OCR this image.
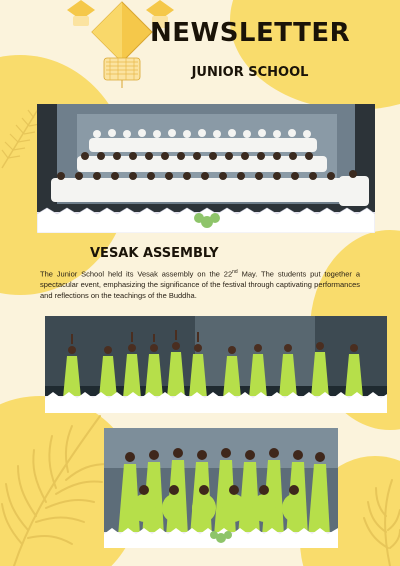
NEWSLETTER
JUNIOR SCHOOL
VESAK ASSEMBLY
The Junior School held its Vesak assembly on the 22nd May. The students put together a spectacular event, emphasizing the significance of the festival through captivating performances and reflections on the teachings of the Buddha.
